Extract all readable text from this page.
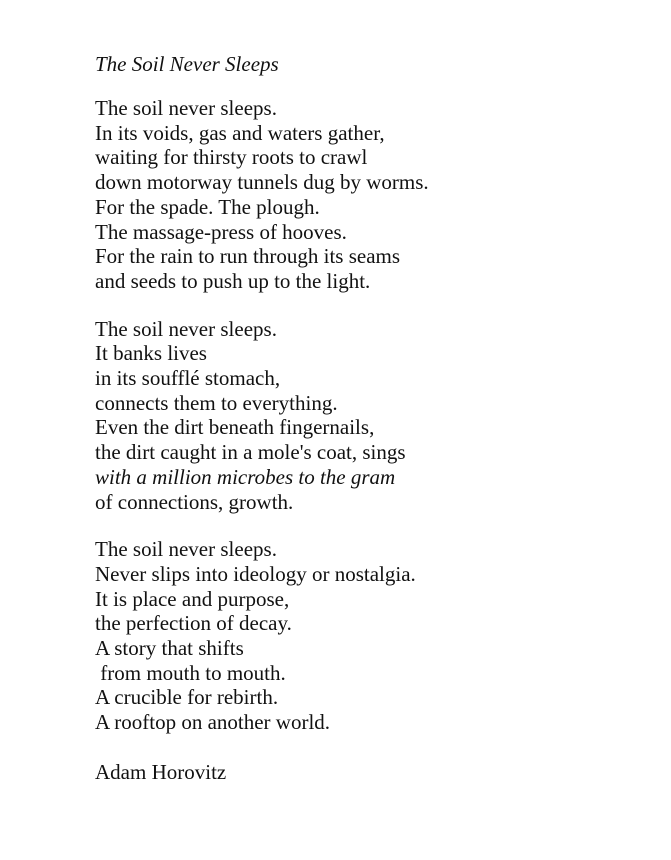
The Soil Never Sleeps
The soil never sleeps.
In its voids, gas and waters gather,
waiting for thirsty roots to crawl
down motorway tunnels dug by worms.
For the spade. The plough.
The massage-press of hooves.
For the rain to run through its seams
and seeds to push up to the light.
The soil never sleeps.
It banks lives
in its soufflé stomach,
connects them to everything.
Even the dirt beneath fingernails,
the dirt caught in a mole's coat, sings
with a million microbes to the gram
of connections, growth.
The soil never sleeps.
Never slips into ideology or nostalgia.
It is place and purpose,
the perfection of decay.
A story that shifts
from mouth to mouth.
A crucible for rebirth.
A rooftop on another world.
Adam Horovitz
